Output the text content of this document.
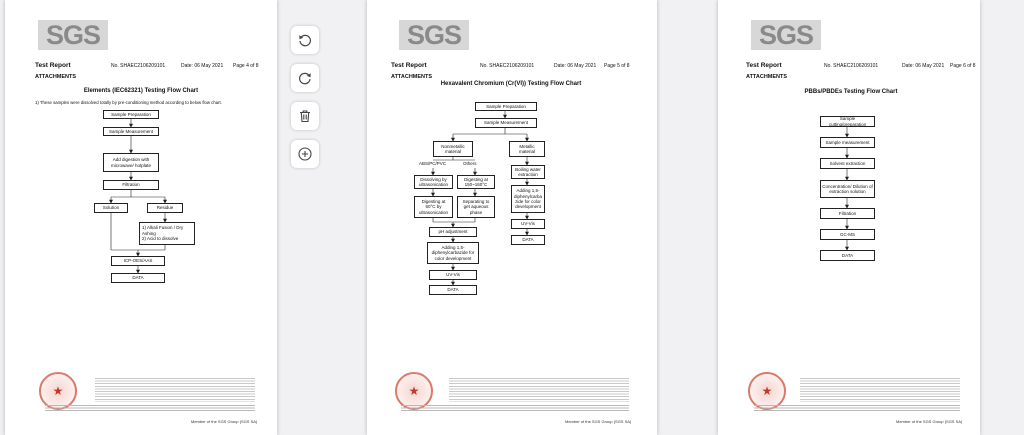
SGS
Test Report	No. SHAEC2106209101	Date: 06 May 2021 Page 4 of 8
ATTACHMENTS
Elements (IEC62321) Testing Flow Chart
1) These samples were dissolved totally by pre-conditioning method according to below flow chart.
Sample Preparation
Sample Measurement
Add digestion with microwave/ hotplate
Filtration
Solution	Residue
1) Alkali Fusion / Dry Ashing
2) Acid to dissolve
ICP-OES/AAS
DATA
★
Member of the SGS Group (SGS SA)
SGS
Test Report	No. SHAEC2106209101	Date: 06 May 2021 Page 5 of 8
ATTACHMENTS
Hexavalent Chromium (Cr(VI)) Testing Flow Chart
Sample Preparation
Sample Measurement
Nonmetallic material
Metallic material
ABS/PC/PVC	Others
Dissolving by ultrasonication
Digesting at 150~160°C
Digesting at 60°C by ultrasonication
Separating to get aqueous phase
pH adjustment
Adding 1,5-diphenylcarbazide for color development
UV-Vis
DATA
Boiling water extraction
Adding 1,5-diphenylcarba zide for color development
UV-Vis
DATA
★
Member of the SGS Group (SGS SA)
SGS
Test Report	No. SHAEC2106209101	Date: 06 May 2021 Page 6 of 8
ATTACHMENTS
PBBs/PBDEs Testing Flow Chart
Sample cutting/preparation
Sample measurement
Solvent extraction
Concentration/ Dilution of extraction solution
Filtration
GC-MS
DATA
★
Member of the SGS Group (SGS SA)
